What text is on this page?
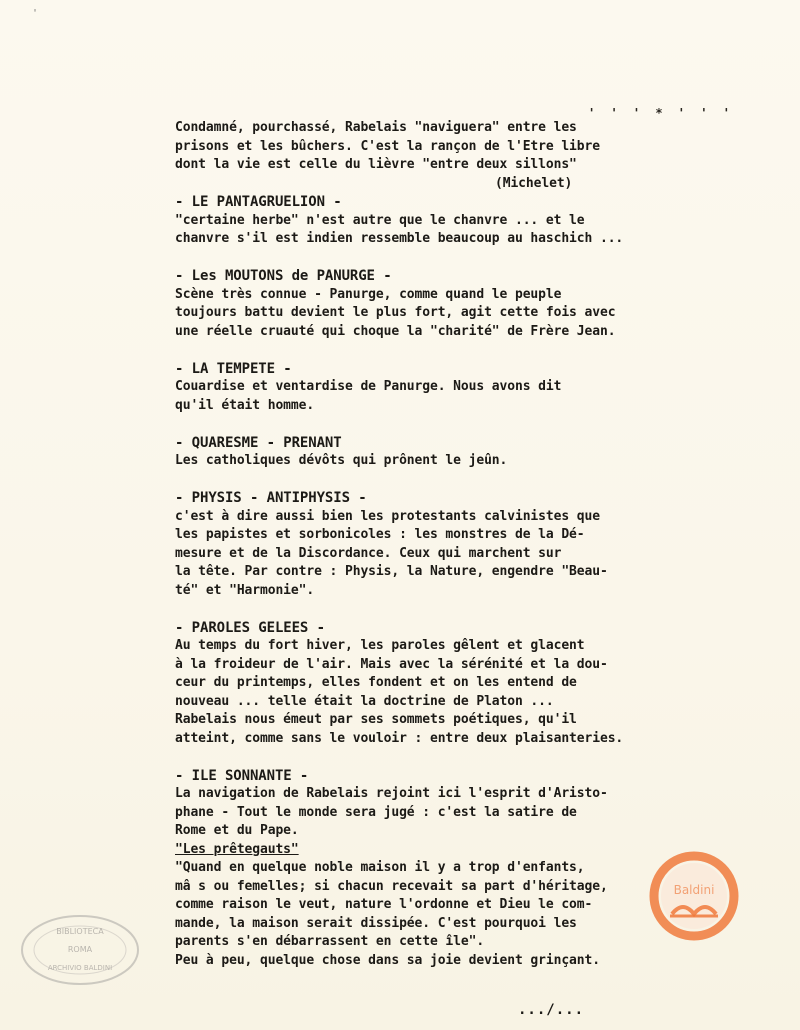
'
' ' ' * ' ' '
Condamné, pourchassé, Rabelais "naviguera" entre les
prisons et les bûchers. C'est la rançon de l'Etre libre
dont la vie est celle du lièvre "entre deux sillons"
(Michelet)
- LE PANTAGRUELION -
"certaine herbe" n'est autre que le chanvre ... et le
chanvre s'il est indien ressemble beaucoup au haschich ...
- Les MOUTONS de PANURGE -
Scène très connue - Panurge, comme quand le peuple
toujours battu devient le plus fort, agit cette fois avec
une réelle cruauté qui choque la "charité" de Frère Jean.
- LA TEMPETE -
Couardise et ventardise de Panurge. Nous avons dit
qu'il était homme.
- QUARESME - PRENANT
Les catholiques dévôts qui prônent le jeûn.
- PHYSIS - ANTIPHYSIS -
c'est à dire aussi bien les protestants calvinistes que
les papistes et sorbonicoles : les monstres de la Dé-
mesure et de la Discordance. Ceux qui marchent sur
la tête. Par contre : Physis, la Nature, engendre "Beau-
té" et "Harmonie".
- PAROLES GELEES -
Au temps du fort hiver, les paroles gêlent et glacent
à la froideur de l'air. Mais avec la sérénité et la dou-
ceur du printemps, elles fondent et on les entend de
nouveau ... telle était la doctrine de Platon ...
Rabelais nous émeut par ses sommets poétiques, qu'il
atteint, comme sans le vouloir : entre deux plaisanteries.
- ILE SONNANTE -
La navigation de Rabelais rejoint ici l'esprit d'Aristo-
phane - Tout le monde sera jugé : c'est la satire de
Rome et du Pape.
"Les prêtegauts"
"Quand en quelque noble maison il y a trop d'enfants,
mâ s ou femelles; si chacun recevait sa part d'héritage,
comme raison le veut, nature l'ordonne et Dieu le com-
mande, la maison serait dissipée. C'est pourquoi les
parents s'en débarrassent en cette île".
Peu à peu, quelque chose dans sa joie devient grinçant.
.../...
BIBLIOTECA
ROMA
ARCHIVIO BALDINI
Baldini
